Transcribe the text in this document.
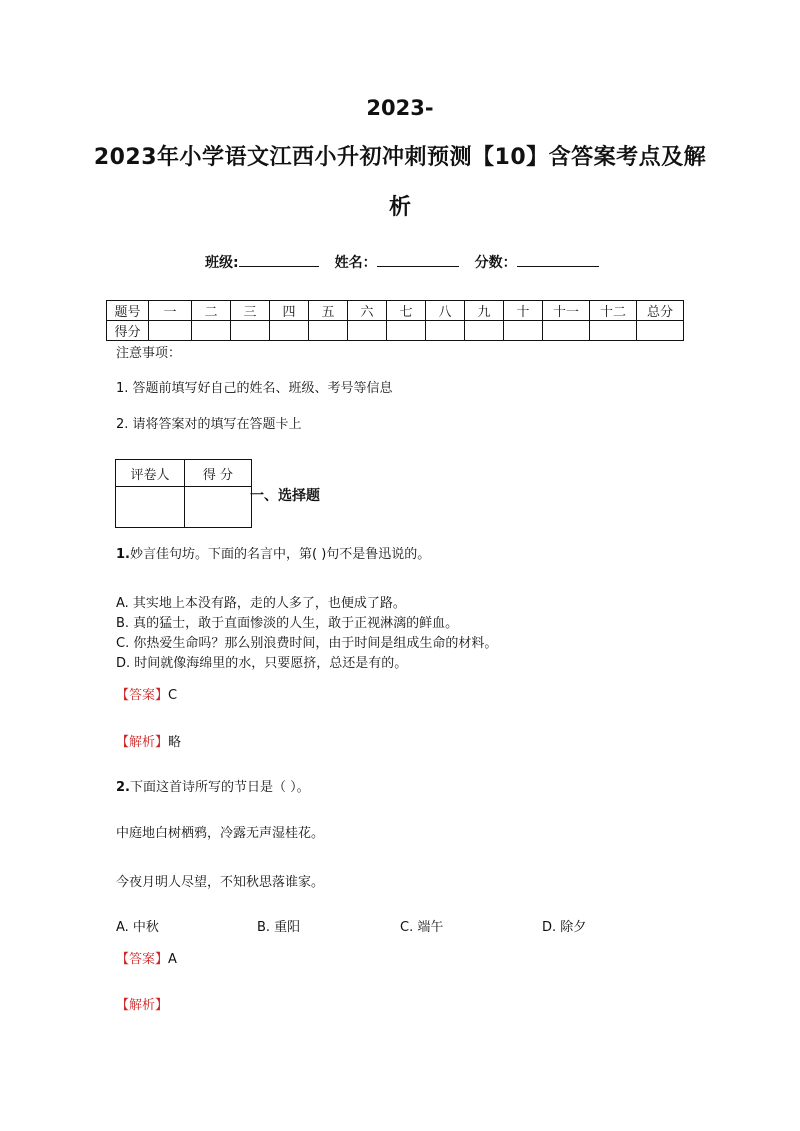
2023-
2023年小学语文江西小升初冲刺预测【10】含答案考点及解
析
班级:	姓名：	分数：
题号	一	二	三	四	五	六	七	八	九	十	十一	十二	总分
得分													
注意事项：
1. 答题前填写好自己的姓名、班级、考号等信息
2. 请将答案对的填写在答题卡上
评卷人	得 分

一、选择题
1.妙言佳句坊。下面的名言中，第( )句不是鲁迅说的。
A. 其实地上本没有路，走的人多了，也便成了路。
B. 真的猛士，敢于直面惨淡的人生，敢于正视淋漓的鲜血。
C. 你热爱生命吗？那么别浪费时间，由于时间是组成生命的材料。
D. 时间就像海绵里的水，只要愿挤，总还是有的。
【答案】C
【解析】略
2.下面这首诗所写的节日是（ ）。
中庭地白树栖鸦，冷露无声湿桂花。
今夜月明人尽望，不知秋思落谁家。
A. 中秋	B. 重阳	C. 端午	D. 除夕
【答案】A
【解析】
